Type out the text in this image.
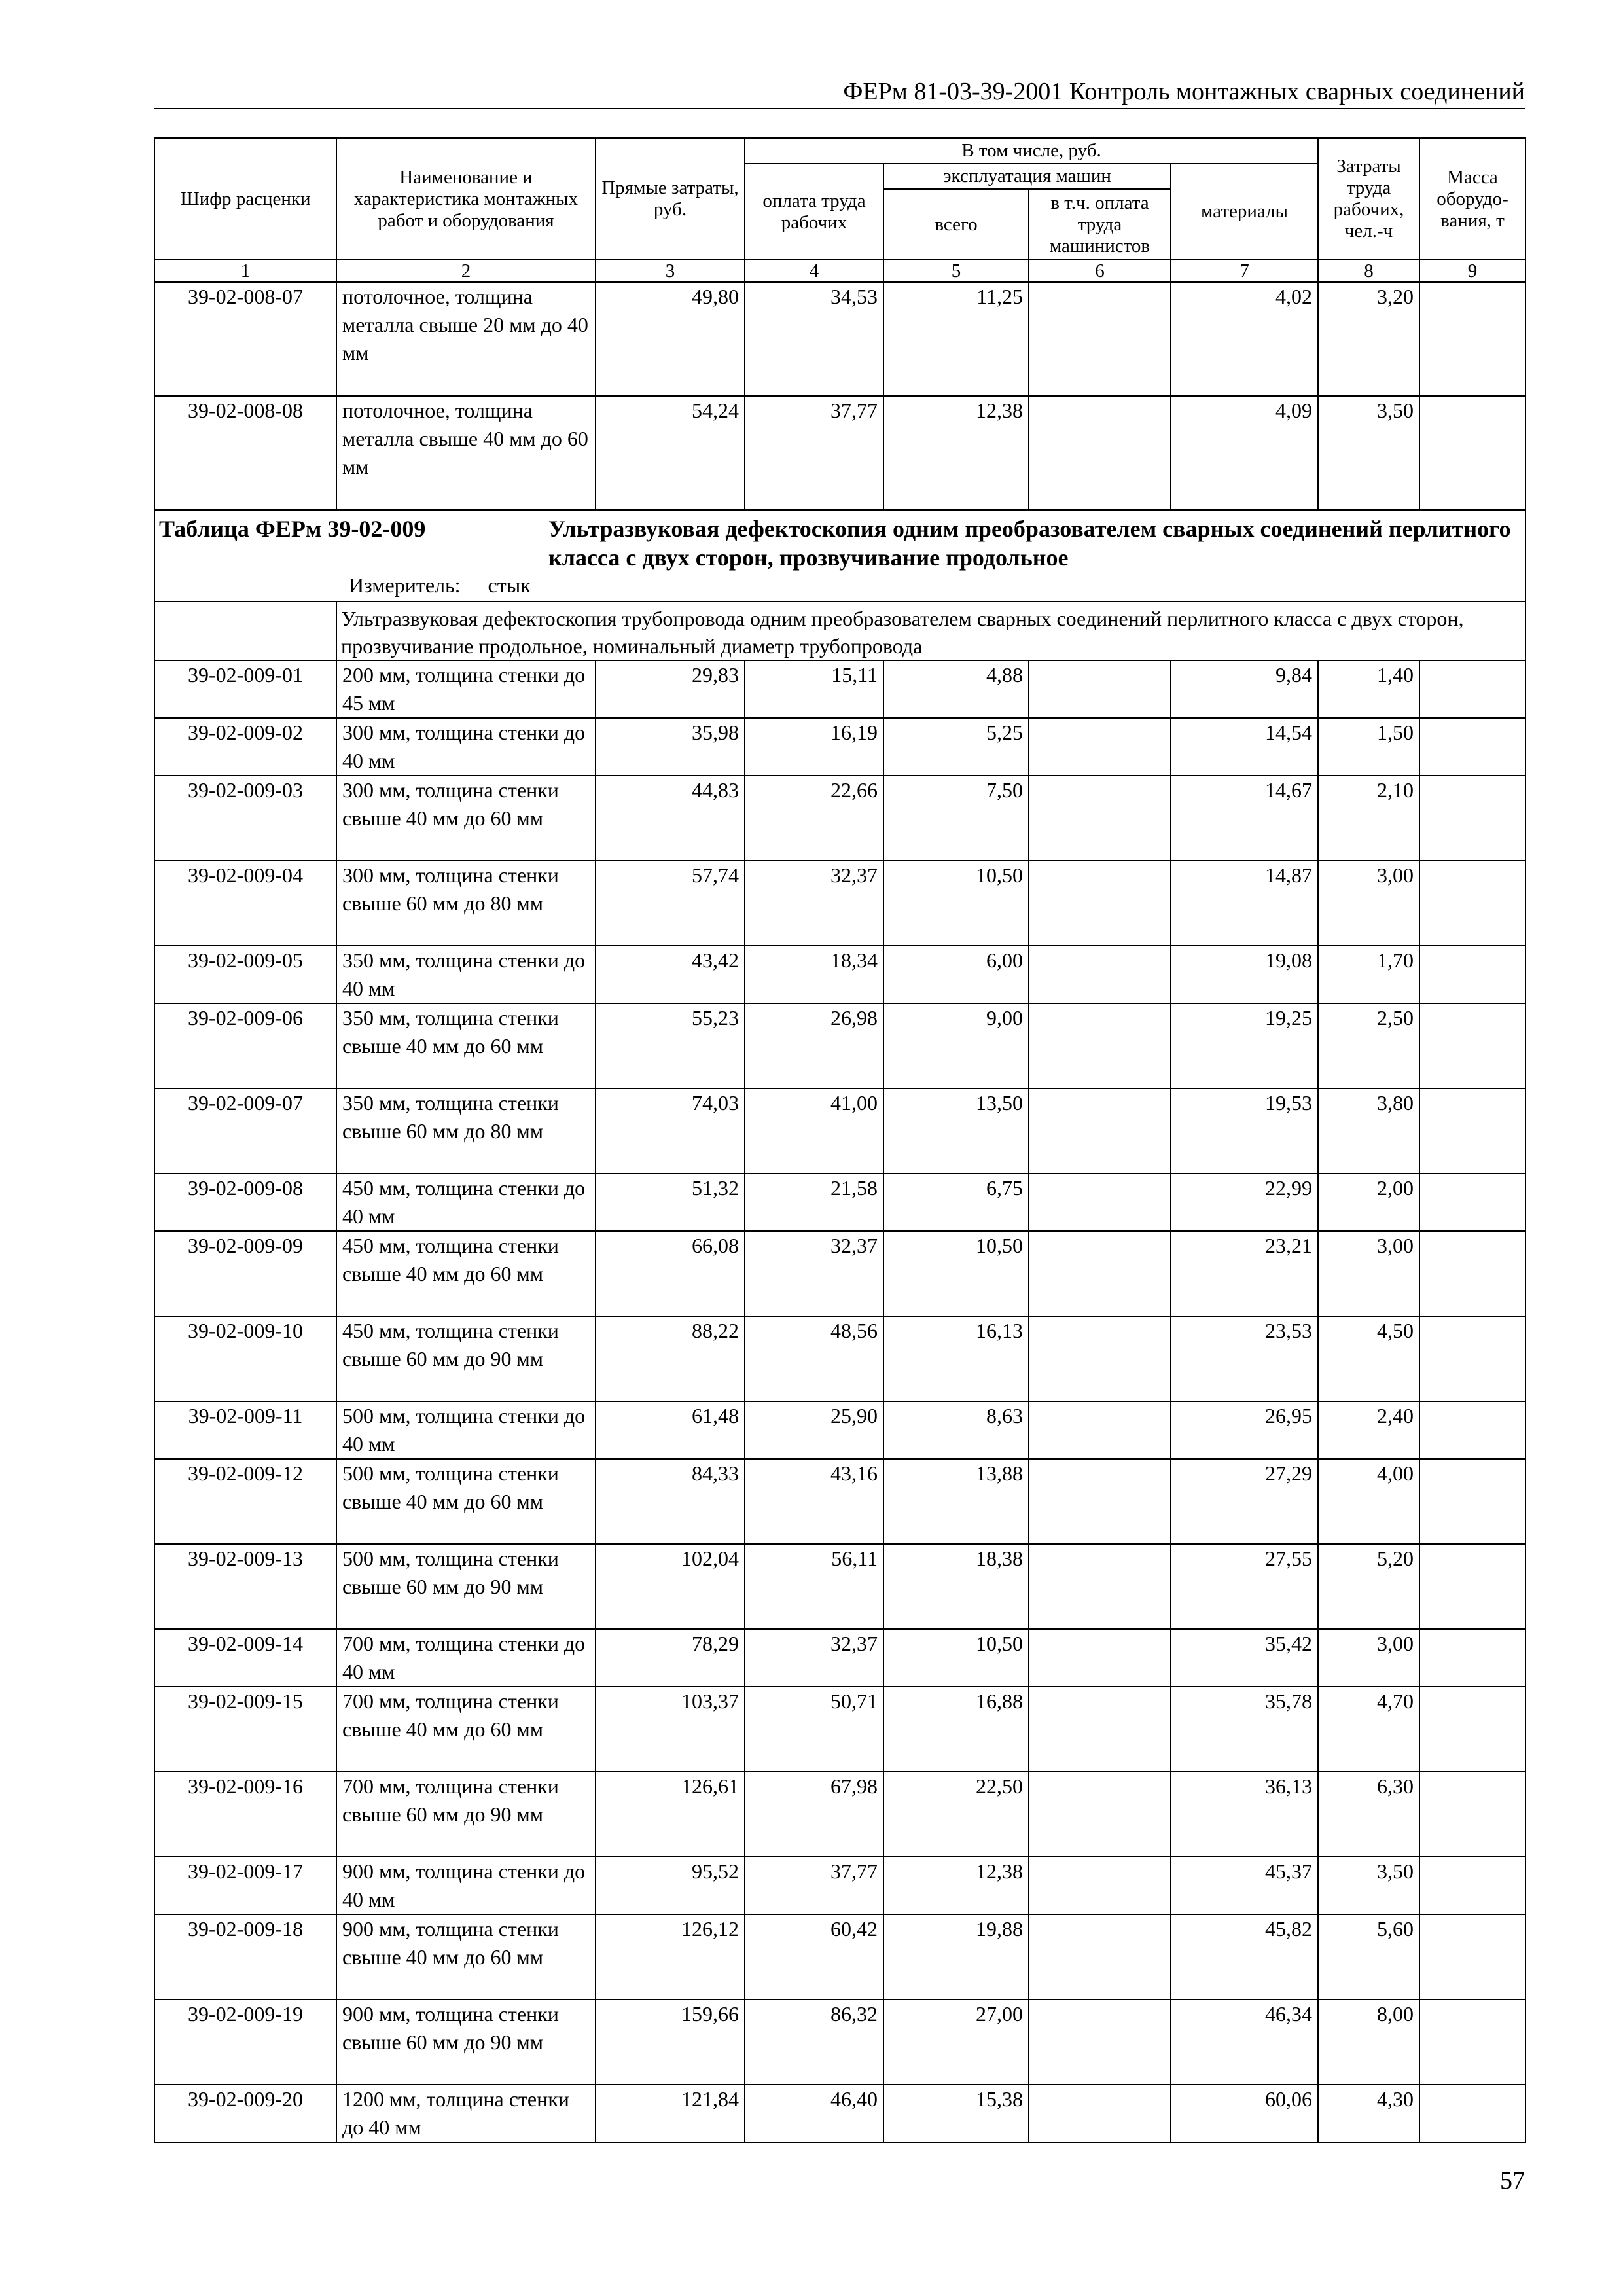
ФЕРм 81-03-39-2001 Контроль монтажных сварных соединений
Шифр расценки	Наименование и характеристика монтажных работ и оборудования	Прямые затраты, руб.	В том числе, руб.				Затраты труда рабочих, чел.-ч	Масса оборудо-вания, т
			оплата труда рабочих	эксплуатация машин		материалы		
				всего	в т.ч. оплата труда машинистов			
1	2	3	4	5	6	7	8	9
39-02-008-07	потолочное, толщина металла свыше 20 мм до 40 мм	49,80	34,53	11,25		4,02	3,20	
39-02-008-08	потолочное, толщина металла свыше 40 мм до 60 мм	54,24	37,77	12,38		4,09	3,50	

Таблица ФЕРм 39-02-009 Ультразвуковая дефектоскопия одним преобразователем сварных соединений перлитного класса с двух сторон, прозвучивание продольное
Измеритель: стык								

	Ультразвуковая дефектоскопия трубопровода одним преобразователем сварных соединений перлитного класса с двух сторон, прозвучивание продольное, номинальный диаметр трубопровода							
39-02-009-01	200 мм, толщина стенки до 45 мм	29,83	15,11	4,88		9,84	1,40	
39-02-009-02	300 мм, толщина стенки до 40 мм	35,98	16,19	5,25		14,54	1,50	
39-02-009-03	300 мм, толщина стенки свыше 40 мм до 60 мм	44,83	22,66	7,50		14,67	2,10	
39-02-009-04	300 мм, толщина стенки свыше 60 мм до 80 мм	57,74	32,37	10,50		14,87	3,00	
39-02-009-05	350 мм, толщина стенки до 40 мм	43,42	18,34	6,00		19,08	1,70	
39-02-009-06	350 мм, толщина стенки свыше 40 мм до 60 мм	55,23	26,98	9,00		19,25	2,50	
39-02-009-07	350 мм, толщина стенки свыше 60 мм до 80 мм	74,03	41,00	13,50		19,53	3,80	
39-02-009-08	450 мм, толщина стенки до 40 мм	51,32	21,58	6,75		22,99	2,00	
39-02-009-09	450 мм, толщина стенки свыше 40 мм до 60 мм	66,08	32,37	10,50		23,21	3,00	
39-02-009-10	450 мм, толщина стенки свыше 60 мм до 90 мм	88,22	48,56	16,13		23,53	4,50	
39-02-009-11	500 мм, толщина стенки до 40 мм	61,48	25,90	8,63		26,95	2,40	
39-02-009-12	500 мм, толщина стенки свыше 40 мм до 60 мм	84,33	43,16	13,88		27,29	4,00	
39-02-009-13	500 мм, толщина стенки свыше 60 мм до 90 мм	102,04	56,11	18,38		27,55	5,20	
39-02-009-14	700 мм, толщина стенки до 40 мм	78,29	32,37	10,50		35,42	3,00	
39-02-009-15	700 мм, толщина стенки свыше 40 мм до 60 мм	103,37	50,71	16,88		35,78	4,70	
39-02-009-16	700 мм, толщина стенки свыше 60 мм до 90 мм	126,61	67,98	22,50		36,13	6,30	
39-02-009-17	900 мм, толщина стенки до 40 мм	95,52	37,77	12,38		45,37	3,50	
39-02-009-18	900 мм, толщина стенки свыше 40 мм до 60 мм	126,12	60,42	19,88		45,82	5,60	
39-02-009-19	900 мм, толщина стенки свыше 60 мм до 90 мм	159,66	86,32	27,00		46,34	8,00	
39-02-009-20	1200 мм, толщина стенки до 40 мм	121,84	46,40	15,38		60,06	4,30	
57
